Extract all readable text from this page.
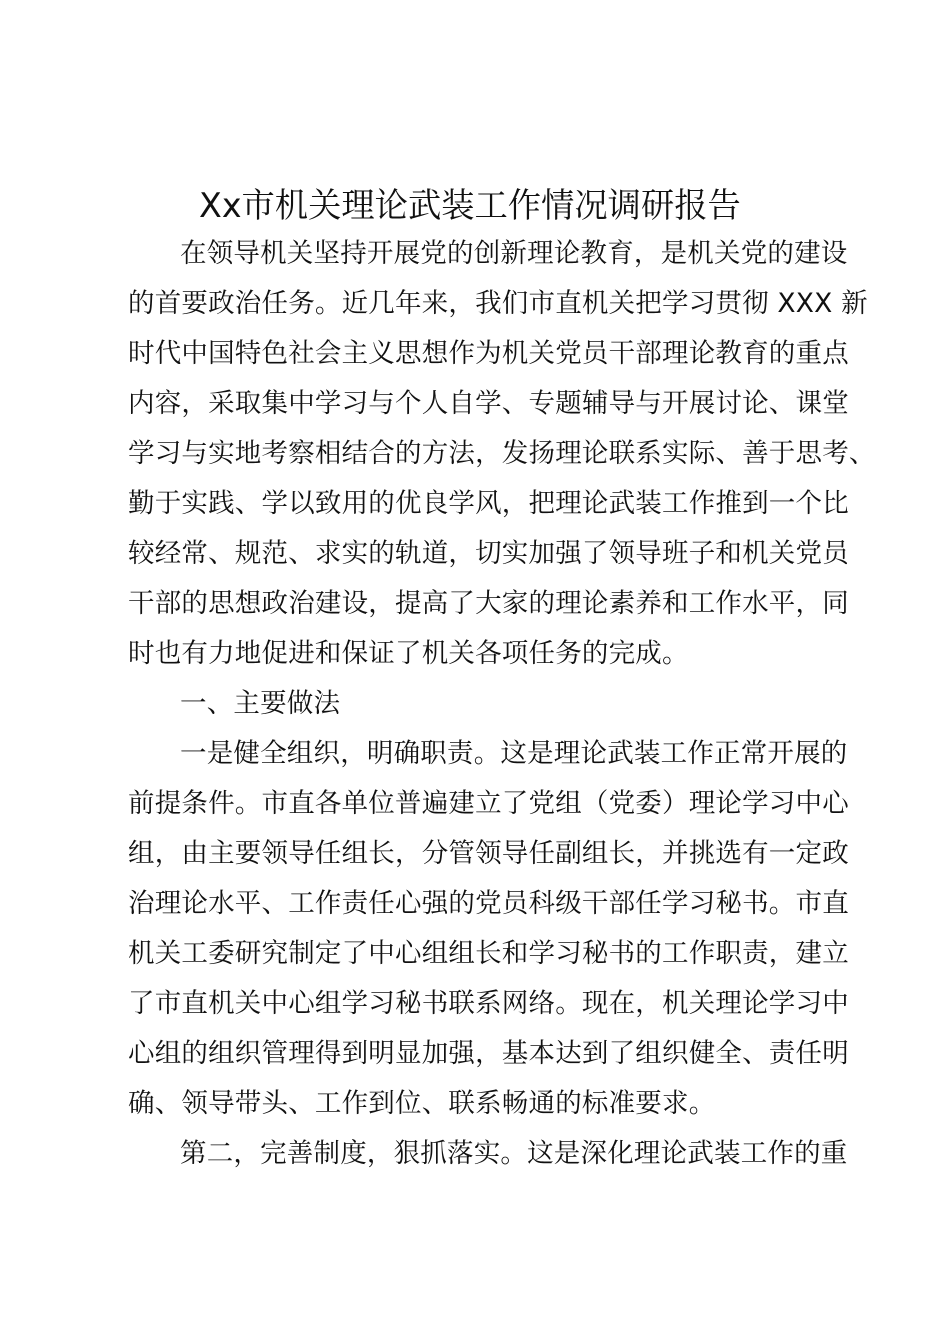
Xx市机关理论武装工作情况调研报告
在领导机关坚持开展党的创新理论教育，是机关党的建设
的首要政治任务。近几年来，我们市直机关把学习贯彻 XXX 新
时代中国特色社会主义思想作为机关党员干部理论教育的重点
内容，采取集中学习与个人自学、专题辅导与开展讨论、课堂
学习与实地考察相结合的方法，发扬理论联系实际、善于思考、
勤于实践、学以致用的优良学风，把理论武装工作推到一个比
较经常、规范、求实的轨道，切实加强了领导班子和机关党员
干部的思想政治建设，提高了大家的理论素养和工作水平，同
时也有力地促进和保证了机关各项任务的完成。
一、主要做法
一是健全组织，明确职责。这是理论武装工作正常开展的
前提条件。市直各单位普遍建立了党组（党委）理论学习中心
组，由主要领导任组长，分管领导任副组长，并挑选有一定政
治理论水平、工作责任心强的党员科级干部任学习秘书。市直
机关工委研究制定了中心组组长和学习秘书的工作职责，建立
了市直机关中心组学习秘书联系网络。现在，机关理论学习中
心组的组织管理得到明显加强，基本达到了组织健全、责任明
确、领导带头、工作到位、联系畅通的标准要求。
第二，完善制度，狠抓落实。这是深化理论武装工作的重
